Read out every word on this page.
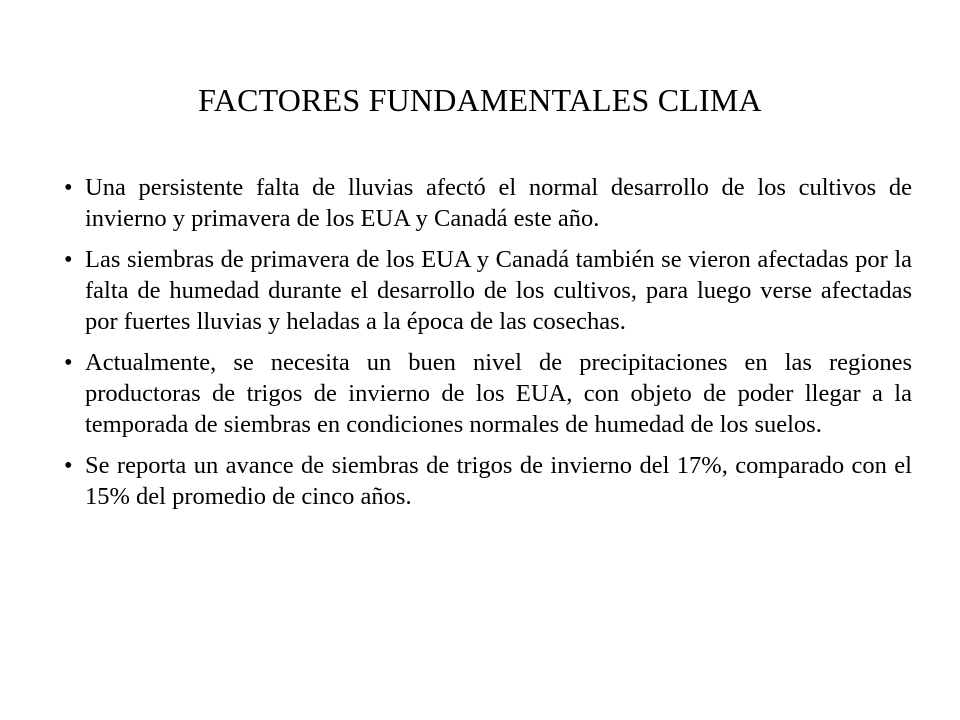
FACTORES FUNDAMENTALES CLIMA
• Una persistente falta de lluvias afectó el normal desarrollo de los cultivos de invierno y primavera de los EUA y Canadá este año.
• Las siembras de primavera de los EUA y Canadá también se vieron afectadas por la falta de humedad durante el desarrollo de los cultivos, para luego verse afectadas por fuertes lluvias y heladas a la época de las cosechas.
• Actualmente, se necesita un buen nivel de precipitaciones en las regiones productoras de trigos de invierno de los EUA, con objeto de poder llegar a la temporada de siembras en condiciones normales de humedad de los suelos.
• Se reporta un avance de siembras de trigos de invierno del 17%, comparado con el 15% del promedio de cinco años.
